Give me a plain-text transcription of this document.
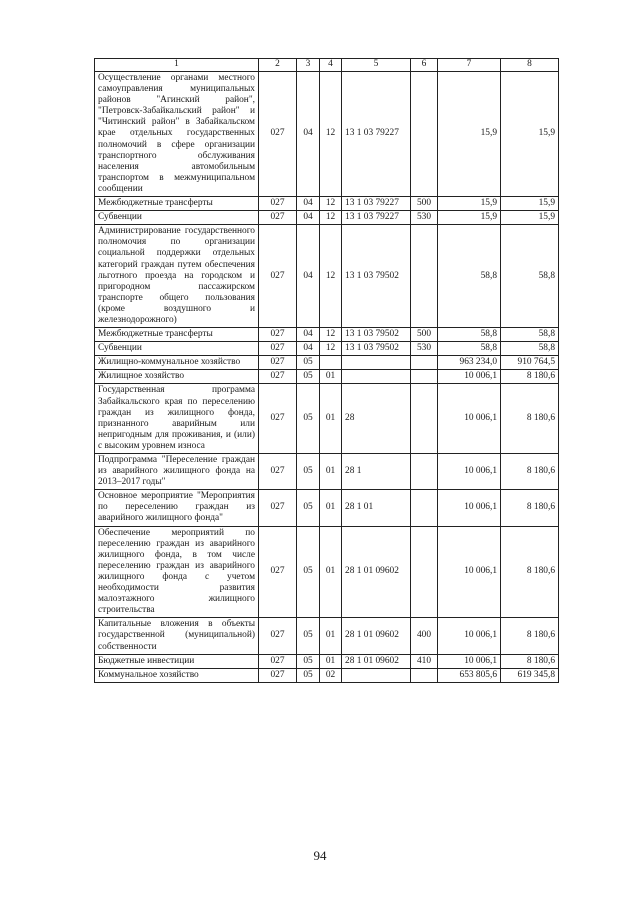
1	2	3	4	5	6	7	8
Осуществление органами местного самоуправления муниципальных районов "Агинский район", "Петровск-Забайкальский район" и "Читинский район" в Забайкальском крае отдельных государственных полномочий в сфере организации транспортного обслуживания населения автомобильным транспортом в межмуниципальном сообщении	027	04	12	13 1 03 79227		15,9	15,9
Межбюджетные трансферты	027	04	12	13 1 03 79227	500	15,9	15,9
Субвенции	027	04	12	13 1 03 79227	530	15,9	15,9
Администрирование государственного полномочия по организации социальной поддержки отдельных категорий граждан путем обеспечения льготного проезда на городском и пригородном пассажирском транспорте общего пользования (кроме воздушного и железнодорожного)	027	04	12	13 1 03 79502		58,8	58,8
Межбюджетные трансферты	027	04	12	13 1 03 79502	500	58,8	58,8
Субвенции	027	04	12	13 1 03 79502	530	58,8	58,8
Жилищно-коммунальное хозяйство	027	05				963 234,0	910 764,5
Жилищное хозяйство	027	05	01			10 006,1	8 180,6
Государственная программа Забайкальского края по переселению граждан из жилищного фонда, признанного аварийным или непригодным для проживания, и (или) с высоким уровнем износа	027	05	01	28		10 006,1	8 180,6
Подпрограмма "Переселение граждан из аварийного жилищного фонда на 2013–2017 годы"	027	05	01	28 1		10 006,1	8 180,6
Основное мероприятие "Мероприятия по переселению граждан из аварийного жилищного фонда"	027	05	01	28 1 01		10 006,1	8 180,6
Обеспечение мероприятий по переселению граждан из аварийного жилищного фонда, в том числе переселению граждан из аварийного жилищного фонда с учетом необходимости развития малоэтажного жилищного строительства	027	05	01	28 1 01 09602		10 006,1	8 180,6
Капитальные вложения в объекты государственной (муниципальной) собственности	027	05	01	28 1 01 09602	400	10 006,1	8 180,6
Бюджетные инвестиции	027	05	01	28 1 01 09602	410	10 006,1	8 180,6
Коммунальное хозяйство	027	05	02			653 805,6	619 345,8
94
